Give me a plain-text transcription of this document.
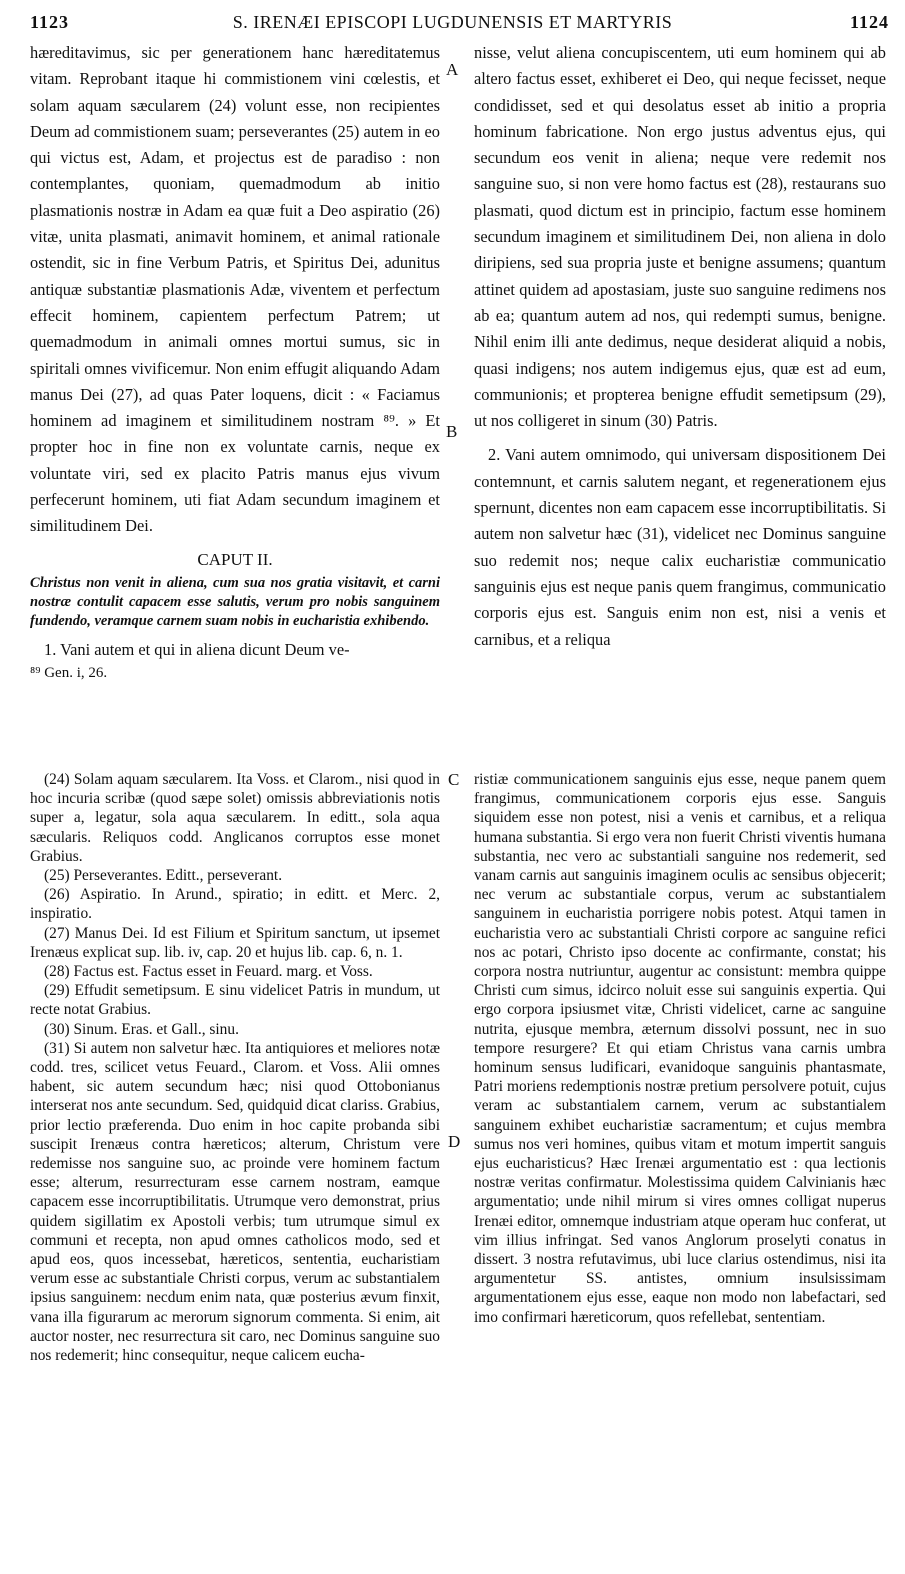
1123	S. IRENÆI EPISCOPI LUGDUNENSIS ET MARTYRIS	1124
A
B
C
D

hæreditavimus, sic per generationem hanc hæreditatemus vitam. Reprobant itaque hi commistionem vini cœlestis, et solam aquam sæcularem (24) volunt esse, non recipientes Deum ad commistionem suam; perseverantes (25) autem in eo qui victus est, Adam, et projectus est de paradiso : non contemplantes, quoniam, quemadmodum ab initio plasmationis nostræ in Adam ea quæ fuit a Deo aspiratio (26) vitæ, unita plasmati, animavit hominem, et animal rationale ostendit, sic in fine Verbum Patris, et Spiritus Dei, adunitus antiquæ substantiæ plasmationis Adæ, viventem et perfectum effecit hominem, capientem perfectum Patrem; ut quemadmodum in animali omnes mortui sumus, sic in spiritali omnes vivificemur. Non enim effugit aliquando Adam manus Dei (27), ad quas Pater loquens, dicit : « Faciamus hominem ad imaginem et similitudinem nostram ⁸⁹. » Et propter hoc in fine non ex voluntate carnis, neque ex voluntate viri, sed ex placito Patris manus ejus vivum perfecerunt hominem, uti fiat Adam secundum imaginem et similitudinem Dei.

CAPUT II.

Christus non venit in aliena, cum sua nos gratia visitavit, et carni nostræ contulit capacem esse salutis, verum pro nobis sanguinem fundendo, veramque carnem suam nobis in eucharistia exhibendo.

1. Vani autem et qui in aliena dicunt Deum ve-

⁸⁹ Gen. i, 26.

nisse, velut aliena concupiscentem, uti eum hominem qui ab altero factus esset, exhiberet ei Deo, qui neque fecisset, neque condidisset, sed et qui desolatus esset ab initio a propria hominum fabricatione. Non ergo justus adventus ejus, qui secundum eos venit in aliena; neque vere redemit nos sanguine suo, si non vere homo factus est (28), restaurans suo plasmati, quod dictum est in principio, factum esse hominem secundum imaginem et similitudinem Dei, non aliena in dolo diripiens, sed sua propria juste et benigne assumens; quantum attinet quidem ad apostasiam, juste suo sanguine redimens nos ab ea; quantum autem ad nos, qui redempti sumus, benigne. Nihil enim illi ante dedimus, neque desiderat aliquid a nobis, quasi indigens; nos autem indigemus ejus, quæ est ad eum, communionis; et propterea benigne effudit semetipsum (29), ut nos colligeret in sinum (30) Patris.

2. Vani autem omnimodo, qui universam dispositionem Dei contemnunt, et carnis salutem negant, et regenerationem ejus spernunt, dicentes non eam capacem esse incorruptibilitatis. Si autem non salvetur hæc (31), videlicet nec Dominus sanguine suo redemit nos; neque calix eucharistiæ communicatio sanguinis ejus est neque panis quem frangimus, communicatio corporis ejus est. Sanguis enim non est, nisi a venis et carnibus, et a reliqua

(24) Solam aquam sæcularem. Ita Voss. et Clarom., nisi quod in hoc incuria scribæ (quod sæpe solet) omissis abbreviationis notis super a, legatur, sola aqua sæcularem. In editt., sola aqua sæcularis. Reliquos codd. Anglicanos corruptos esse monet Grabius.

(25) Perseverantes. Editt., perseverant.

(26) Aspiratio. In Arund., spiratio; in editt. et Merc. 2, inspiratio.

(27) Manus Dei. Id est Filium et Spiritum sanctum, ut ipsemet Irenæus explicat sup. lib. iv, cap. 20 et hujus lib. cap. 6, n. 1.

(28) Factus est. Factus esset in Feuard. marg. et Voss.

(29) Effudit semetipsum. E sinu videlicet Patris in mundum, ut recte notat Grabius.

(30) Sinum. Eras. et Gall., sinu.

(31) Si autem non salvetur hæc. Ita antiquiores et meliores notæ codd. tres, scilicet vetus Feuard., Clarom. et Voss. Alii omnes habent, sic autem secundum hæc; nisi quod Ottobonianus interserat nos ante secundum. Sed, quidquid dicat clariss. Grabius, prior lectio præferenda. Duo enim in hoc capite probanda sibi suscipit Irenæus contra hæreticos; alterum, Christum vere redemisse nos sanguine suo, ac proinde vere hominem factum esse; alterum, resurrecturam esse carnem nostram, eamque capacem esse incorruptibilitatis. Utrumque vero demonstrat, prius quidem sigillatim ex Apostoli verbis; tum utrumque simul ex communi et recepta, non apud omnes catholicos modo, sed et apud eos, quos incessebat, hæreticos, sententia, eucharistiam verum esse ac substantiale Christi corpus, verum ac substantialem ipsius sanguinem: necdum enim nata, quæ posterius ævum finxit, vana illa figurarum ac merorum signorum commenta. Si enim, ait auctor noster, nec resurrectura sit caro, nec Dominus sanguine suo nos redemerit; hinc consequitur, neque calicem eucha-

ristiæ communicationem sanguinis ejus esse, neque panem quem frangimus, communicationem corporis ejus esse. Sanguis siquidem esse non potest, nisi a venis et carnibus, et a reliqua humana substantia. Si ergo vera non fuerit Christi viventis humana substantia, nec vero ac substantiali sanguine nos redemerit, sed vanam carnis aut sanguinis imaginem oculis ac sensibus objecerit; nec verum ac substantiale corpus, verum ac substantialem sanguinem in eucharistia porrigere nobis potest. Atqui tamen in eucharistia vero ac substantiali Christi corpore ac sanguine refici nos ac potari, Christo ipso docente ac confirmante, constat; his corpora nostra nutriuntur, augentur ac consistunt: membra quippe Christi cum simus, idcirco noluit esse sui sanguinis expertia. Qui ergo corpora ipsiusmet vitæ, Christi videlicet, carne ac sanguine nutrita, ejusque membra, æternum dissolvi possunt, nec in suo tempore resurgere? Et qui etiam Christus vana carnis umbra hominum sensus ludificari, evanidoque sanguinis phantasmate, Patri moriens redemptionis nostræ pretium persolvere potuit, cujus veram ac substantialem carnem, verum ac substantialem sanguinem exhibet eucharistiæ sacramentum; et cujus membra sumus nos veri homines, quibus vitam et motum impertit sanguis ejus eucharisticus? Hæc Irenæi argumentatio est : qua lectionis nostræ veritas confirmatur. Molestissima quidem Calvinianis hæc argumentatio; unde nihil mirum si vires omnes colligat nuperus Irenæi editor, omnemque industriam atque operam huc conferat, ut vim illius infringat. Sed vanos Anglorum proselyti conatus in dissert. 3 nostra refutavimus, ubi luce clarius ostendimus, nisi ita argumentetur SS. antistes, omnium insulsissimam argumentationem ejus esse, eaque non modo non labefactari, sed imo confirmari hæreticorum, quos refellebat, sententiam.
